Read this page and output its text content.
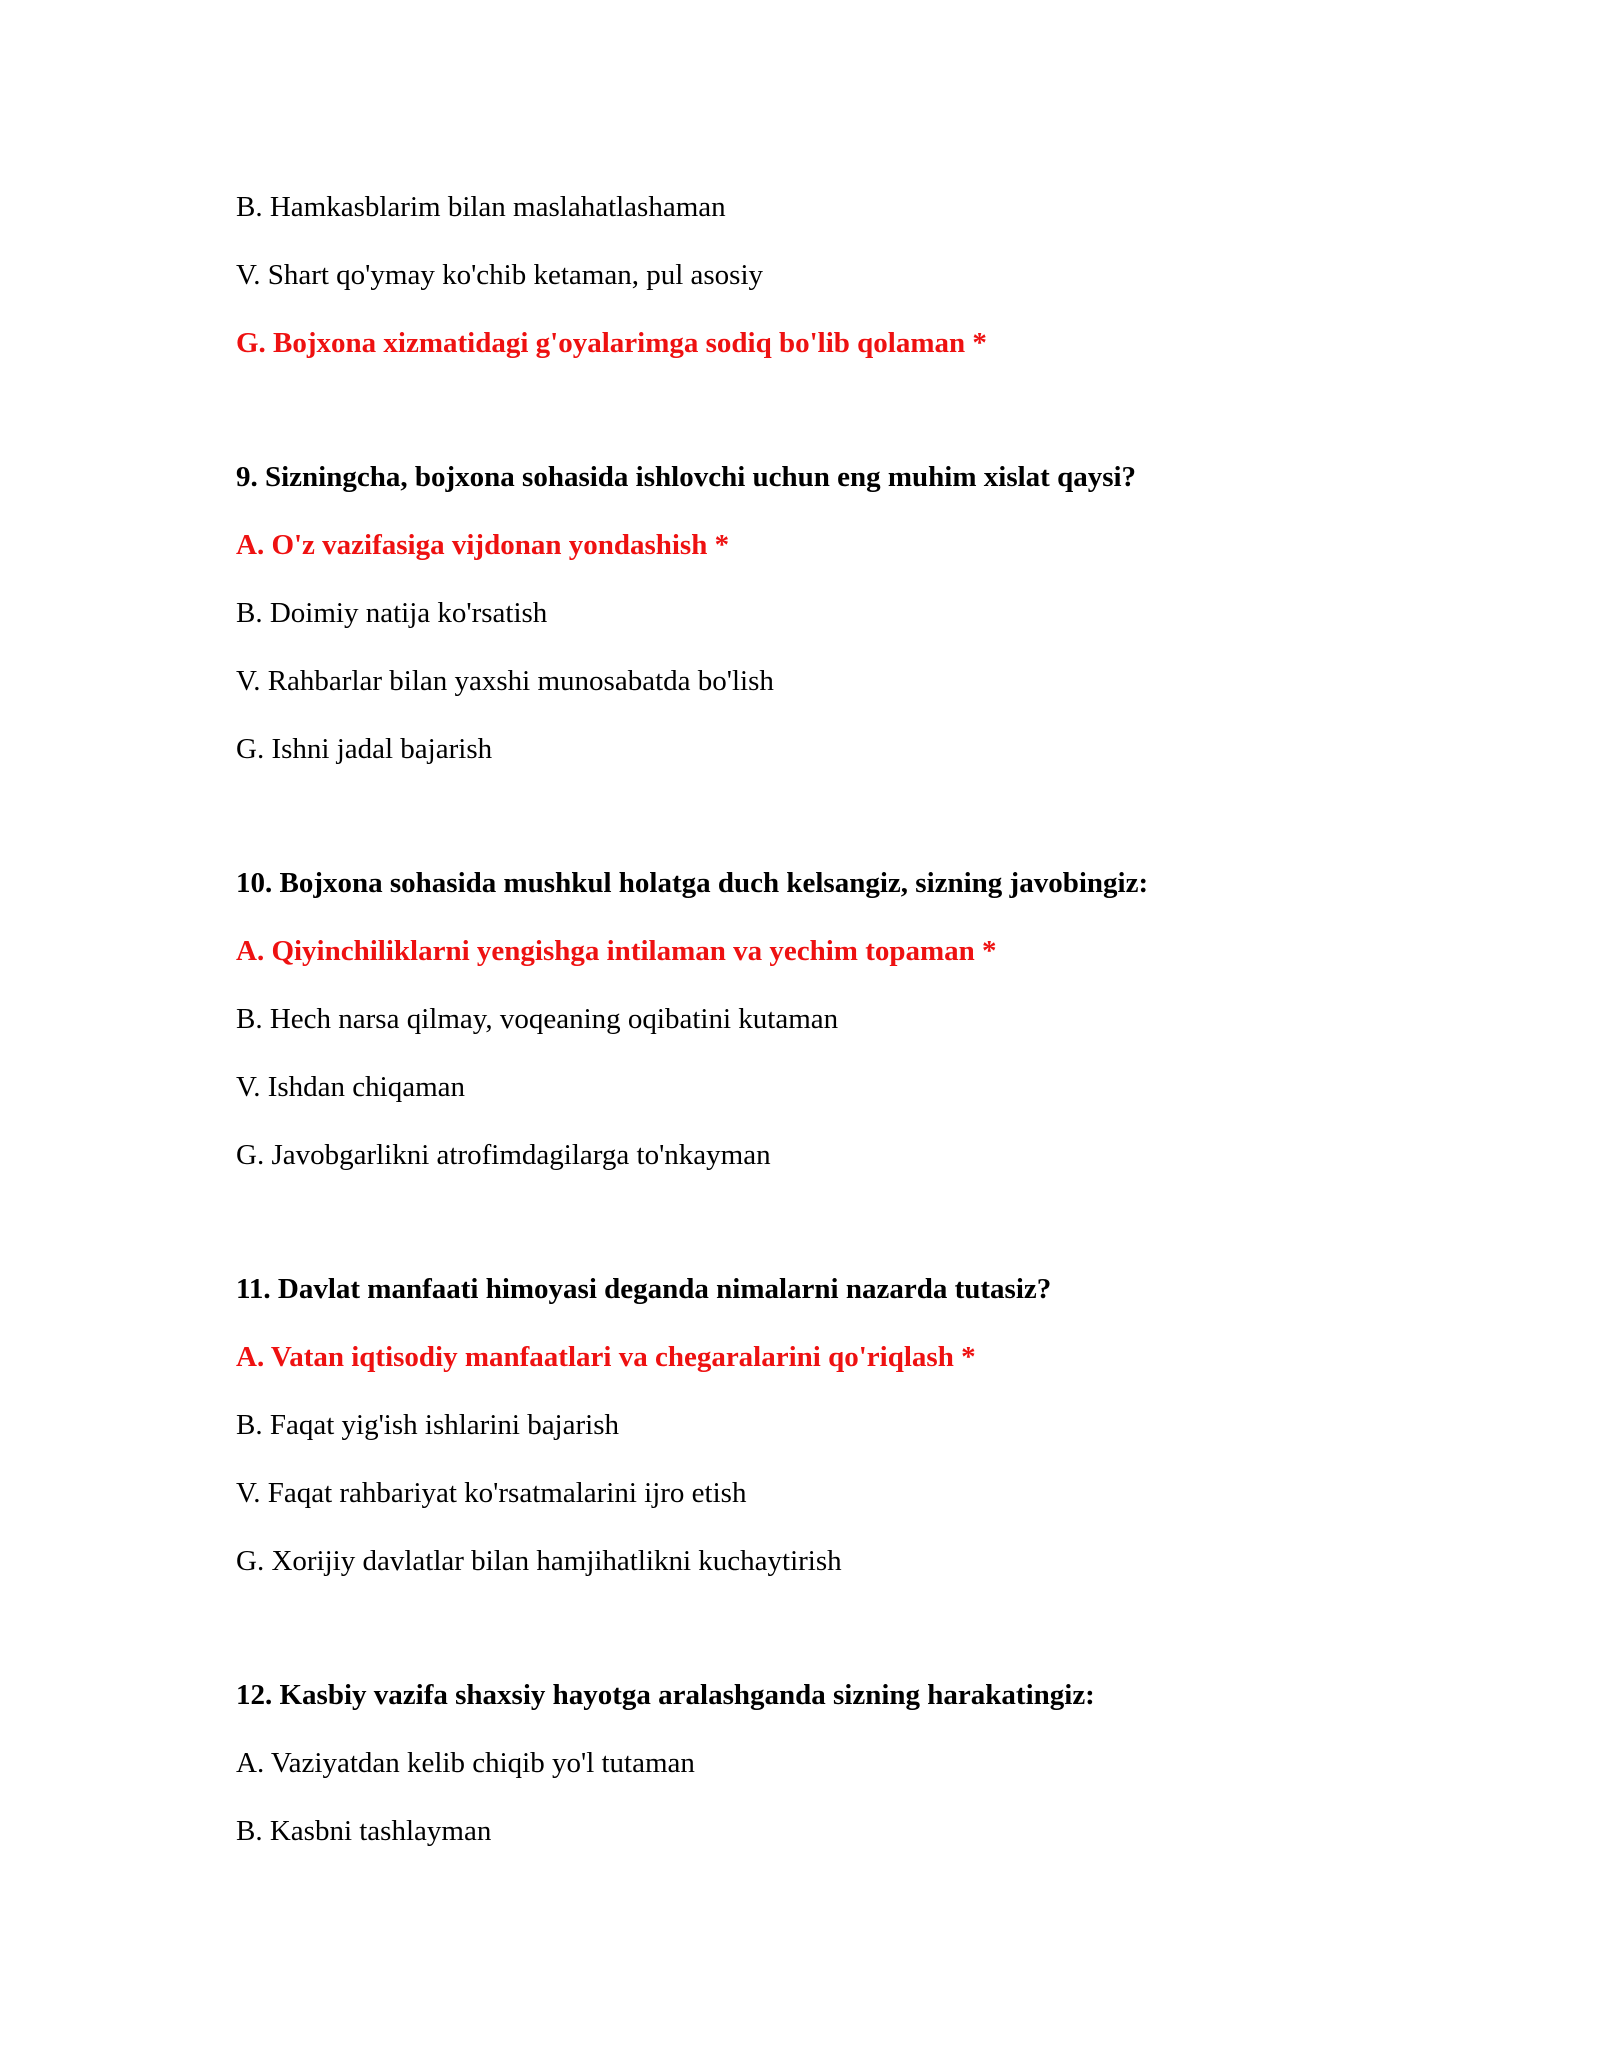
B. Hamkasblarim bilan maslahatlashaman
V. Shart qo'ymay ko'chib ketaman, pul asosiy
G. Bojxona xizmatidagi g'oyalarimga sodiq bo'lib qolaman *
9. Sizningcha, bojxona sohasida ishlovchi uchun eng muhim xislat qaysi?
A. O'z vazifasiga vijdonan yondashish *
B. Doimiy natija ko'rsatish
V. Rahbarlar bilan yaxshi munosabatda bo'lish
G. Ishni jadal bajarish
10. Bojxona sohasida mushkul holatga duch kelsangiz, sizning javobingiz:
A. Qiyinchiliklarni yengishga intilaman va yechim topaman *
B. Hech narsa qilmay, voqeaning oqibatini kutaman
V. Ishdan chiqaman
G. Javobgarlikni atrofimdagilarga to'nkayman
11. Davlat manfaati himoyasi deganda nimalarni nazarda tutasiz?
A. Vatan iqtisodiy manfaatlari va chegaralarini qo'riqlash *
B. Faqat yig'ish ishlarini bajarish
V. Faqat rahbariyat ko'rsatmalarini ijro etish
G. Xorijiy davlatlar bilan hamjihatlikni kuchaytirish
12. Kasbiy vazifa shaxsiy hayotga aralashganda sizning harakatingiz:
A. Vaziyatdan kelib chiqib yo'l tutaman
B. Kasbni tashlayman
